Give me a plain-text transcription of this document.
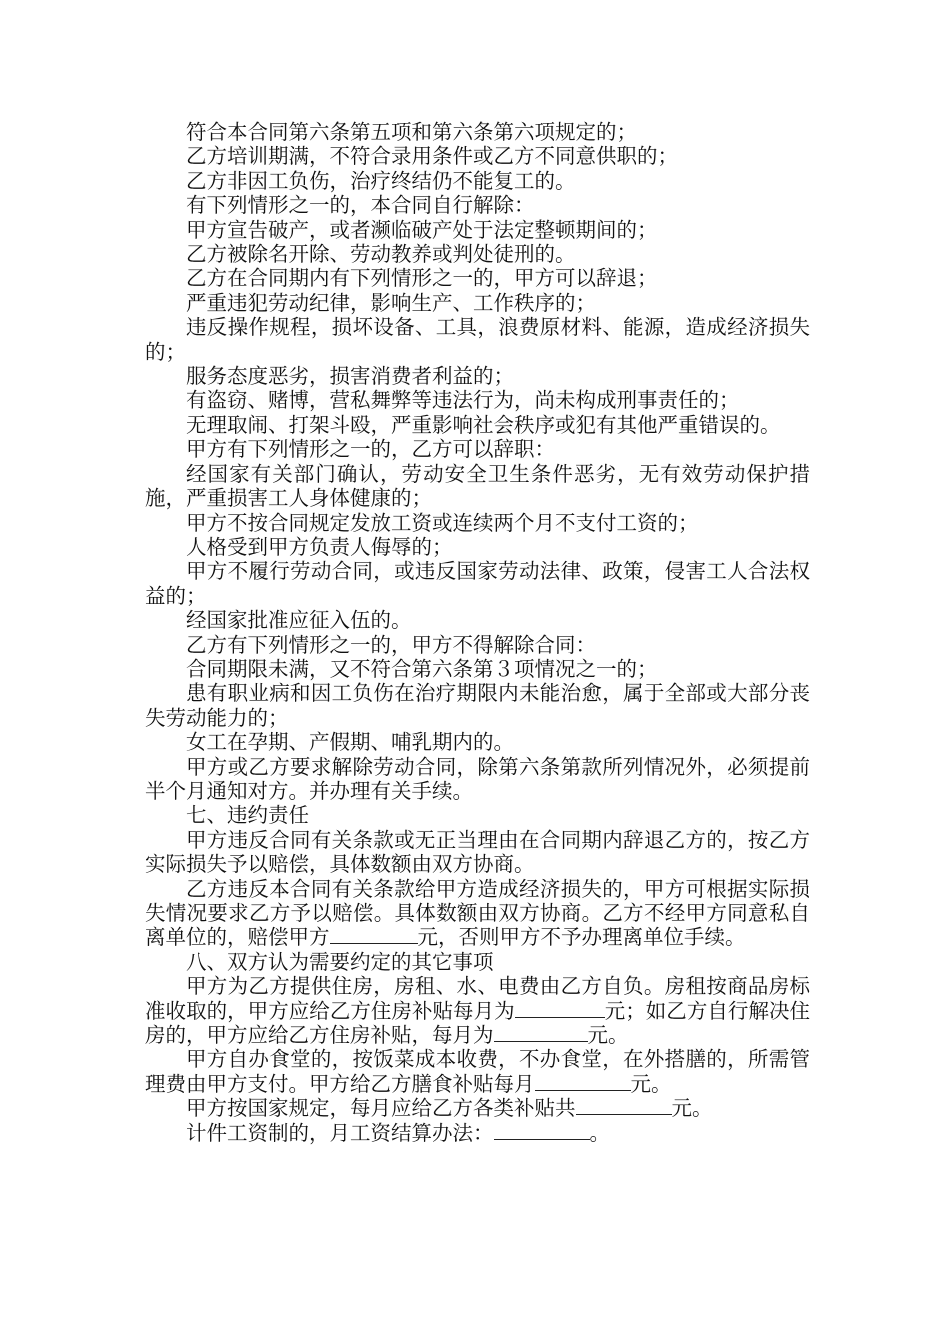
符合本合同第六条第五项和第六条第六项规定的；

乙方培训期满，不符合录用条件或乙方不同意供职的；

乙方非因工负伤，治疗终结仍不能复工的。

有下列情形之一的，本合同自行解除：

甲方宣告破产，或者濒临破产处于法定整顿期间的；

乙方被除名开除、劳动教养或判处徒刑的。

乙方在合同期内有下列情形之一的，甲方可以辞退；

严重违犯劳动纪律，影响生产、工作秩序的；

违反操作规程，损坏设备、工具，浪费原材料、能源，造成经济损失的；

服务态度恶劣，损害消费者利益的；

有盗窃、赌博，营私舞弊等违法行为，尚未构成刑事责任的；

无理取闹、打架斗殴，严重影响社会秩序或犯有其他严重错误的。

甲方有下列情形之一的，乙方可以辞职：

经国家有关部门确认，劳动安全卫生条件恶劣，无有效劳动保护措施，严重损害工人身体健康的；

甲方不按合同规定发放工资或连续两个月不支付工资的；

人格受到甲方负责人侮辱的；

甲方不履行劳动合同，或违反国家劳动法律、政策，侵害工人合法权益的；

经国家批准应征入伍的。

乙方有下列情形之一的，甲方不得解除合同：

合同期限未满，又不符合第六条第３项情况之一的；

患有职业病和因工负伤在治疗期限内未能治愈，属于全部或大部分丧失劳动能力的；

女工在孕期、产假期、哺乳期内的。

甲方或乙方要求解除劳动合同，除第六条第款所列情况外，必须提前半个月通知对方。并办理有关手续。

七、违约责任

甲方违反合同有关条款或无正当理由在合同期内辞退乙方的，按乙方实际损失予以赔偿，具体数额由双方协商。

乙方违反本合同有关条款给甲方造成经济损失的，甲方可根据实际损失情况要求乙方予以赔偿。具体数额由双方协商。乙方不经甲方同意私自离单位的，赔偿甲方	元，否则甲方不予办理离单位手续。

八、双方认为需要约定的其它事项

甲方为乙方提供住房，房租、水、电费由乙方自负。房租按商品房标准收取的，甲方应给乙方住房补贴每月为	元；如乙方自行解决住房的，甲方应给乙方住房补贴，每月为	元。

甲方自办食堂的，按饭菜成本收费，不办食堂，在外搭膳的，所需管理费由甲方支付。甲方给乙方膳食补贴每月	元。

甲方按国家规定，每月应给乙方各类补贴共	元。

计件工资制的，月工资结算办法：	。
